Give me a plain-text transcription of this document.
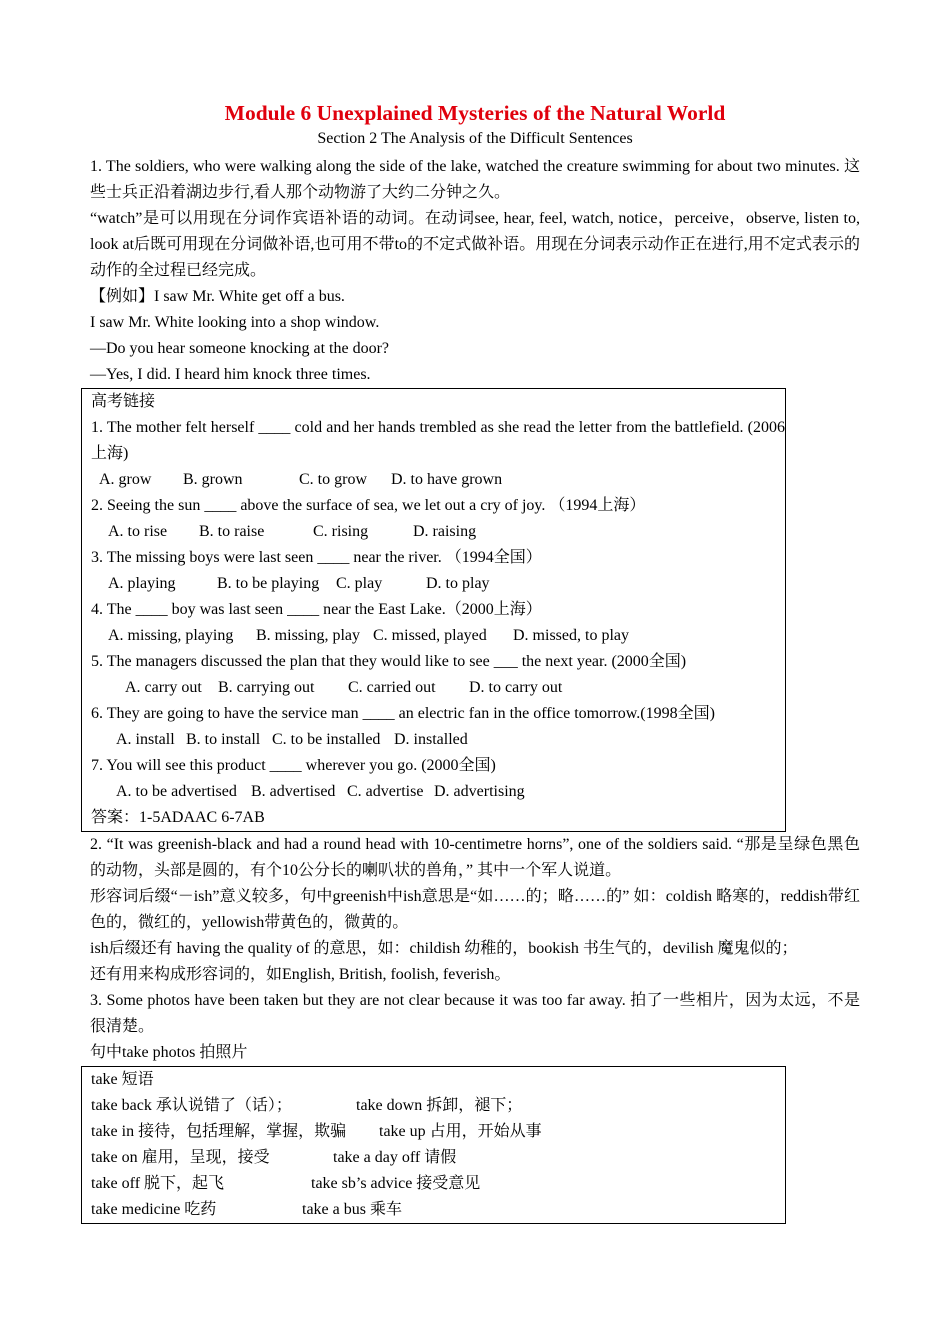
Module 6 Unexplained Mysteries of the Natural World

Section 2 The Analysis of the Difficult Sentences

1. The soldiers, who were walking along the side of the lake, watched the creature swimming for about two minutes. 这些士兵正沿着湖边步行,看人那个动物游了大约二分钟之久。

“watch”是可以用现在分词作宾语补语的动词。在动词see, hear, feel, watch, notice，perceive，observe, listen to, look at后既可用现在分词做补语,也可用不带to的不定式做补语。用现在分词表示动作正在进行,用不定式表示的动作的全过程已经完成。

【例如】I saw Mr. White get off a bus.

I saw Mr. White looking into a shop window.

—Do you hear someone knocking at the door?

—Yes, I did. I heard him knock three times.

高考链接

1. The mother felt herself ____ cold and her hands trembled as she read the letter from the battlefield. (2006上海)

A. grow B. grown	C. to grow D. to have grown

2. Seeing the sun ____ above the surface of sea, we let out a cry of joy. （1994上海）

A. to rise B. to raise	C. rising	D. raising

3. The missing boys were last seen ____ near the river. （1994全国）

A. playing	B. to be playing C. play	D. to play

4. The ____ boy was last seen ____ near the East Lake.（2000上海）

A. missing, playing B. missing, play C. missed, played D. missed, to play

5. The managers discussed the plan that they would like to see ___ the next year. (2000全国)

A. carry out B. carrying out C. carried out D. to carry out

6. They are going to have the service man ____ an electric fan in the office tomorrow.(1998全国)

A. install B. to install C. to be installed D. installed

7. You will see this product ____ wherever you go. (2000全国)

A. to be advertised B. advertised C. advertise D. advertising

答案：1-5ADAAC 6-7AB

2. “It was greenish-black and had a round head with 10-centimetre horns”, one of the soldiers said. “那是呈绿色黑色的动物，头部是圆的，有个10公分长的喇叭状的兽角，” 其中一个军人说道。

形容词后缀“－ish”意义较多，句中greenish中ish意思是“如……的；略……的” 如：coldish 略寒的，reddish带红色的，微红的，yellowish带黄色的，微黄的。

ish后缀还有 having the quality of 的意思，如：childish 幼稚的，bookish 书生气的，devilish 魔鬼似的；

还有用来构成形容词的，如English, British, foolish, feverish。

3. Some photos have been taken but they are not clear because it was too far away. 拍了一些相片，因为太远，不是很清楚。

句中take photos 拍照片

take 短语

take back 承认说错了（话）；	take down 拆卸，褪下；

take in 接待，包括理解，掌握，欺骗 take up 占用，开始从事

take on 雇用，呈现，接受	take a day off 请假

take off 脱下，起飞	take sb’s advice 接受意见

take medicine 吃药	take a bus 乘车
